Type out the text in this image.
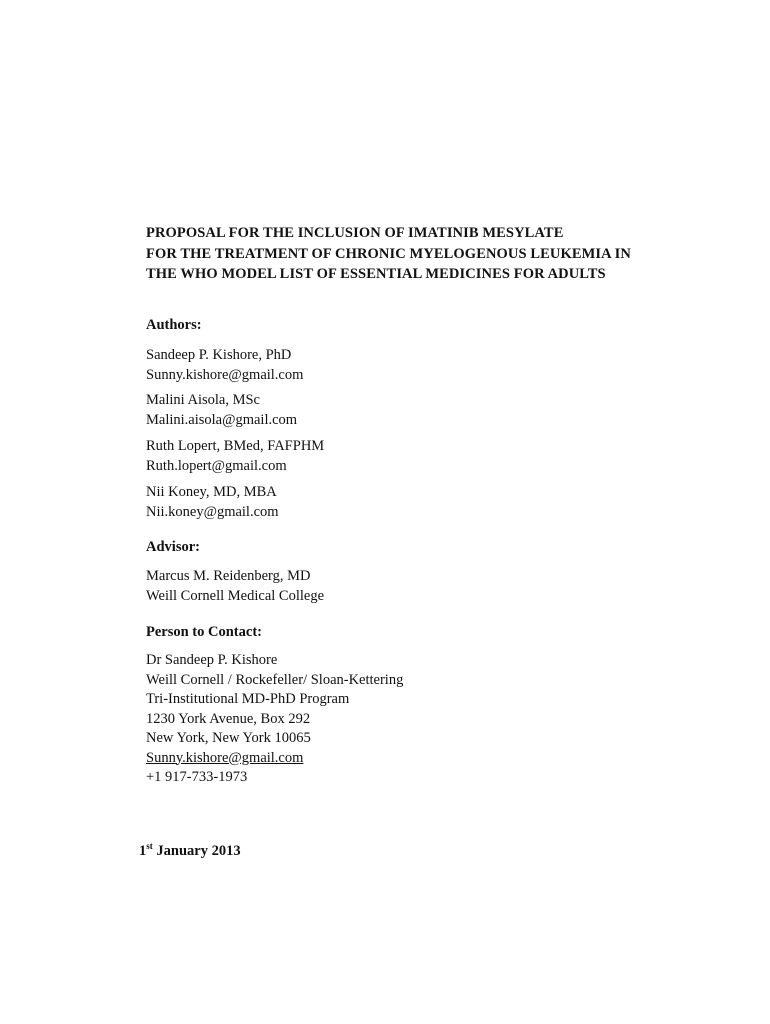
PROPOSAL FOR THE INCLUSION OF IMATINIB MESYLATE
FOR THE TREATMENT OF CHRONIC MYELOGENOUS LEUKEMIA IN
THE WHO MODEL LIST OF ESSENTIAL MEDICINES FOR ADULTS
Authors:
Sandeep P. Kishore, PhD
Sunny.kishore@gmail.com
Malini Aisola, MSc
Malini.aisola@gmail.com
Ruth Lopert, BMed, FAFPHM
Ruth.lopert@gmail.com
Nii Koney, MD, MBA
Nii.koney@gmail.com
Advisor:
Marcus M. Reidenberg, MD
Weill Cornell Medical College
Person to Contact:
Dr Sandeep P. Kishore
Weill Cornell / Rockefeller/ Sloan-Kettering
Tri-Institutional MD-PhD Program
1230 York Avenue, Box 292
New York, New York 10065
Sunny.kishore@gmail.com
+1 917-733-1973
1st January 2013
